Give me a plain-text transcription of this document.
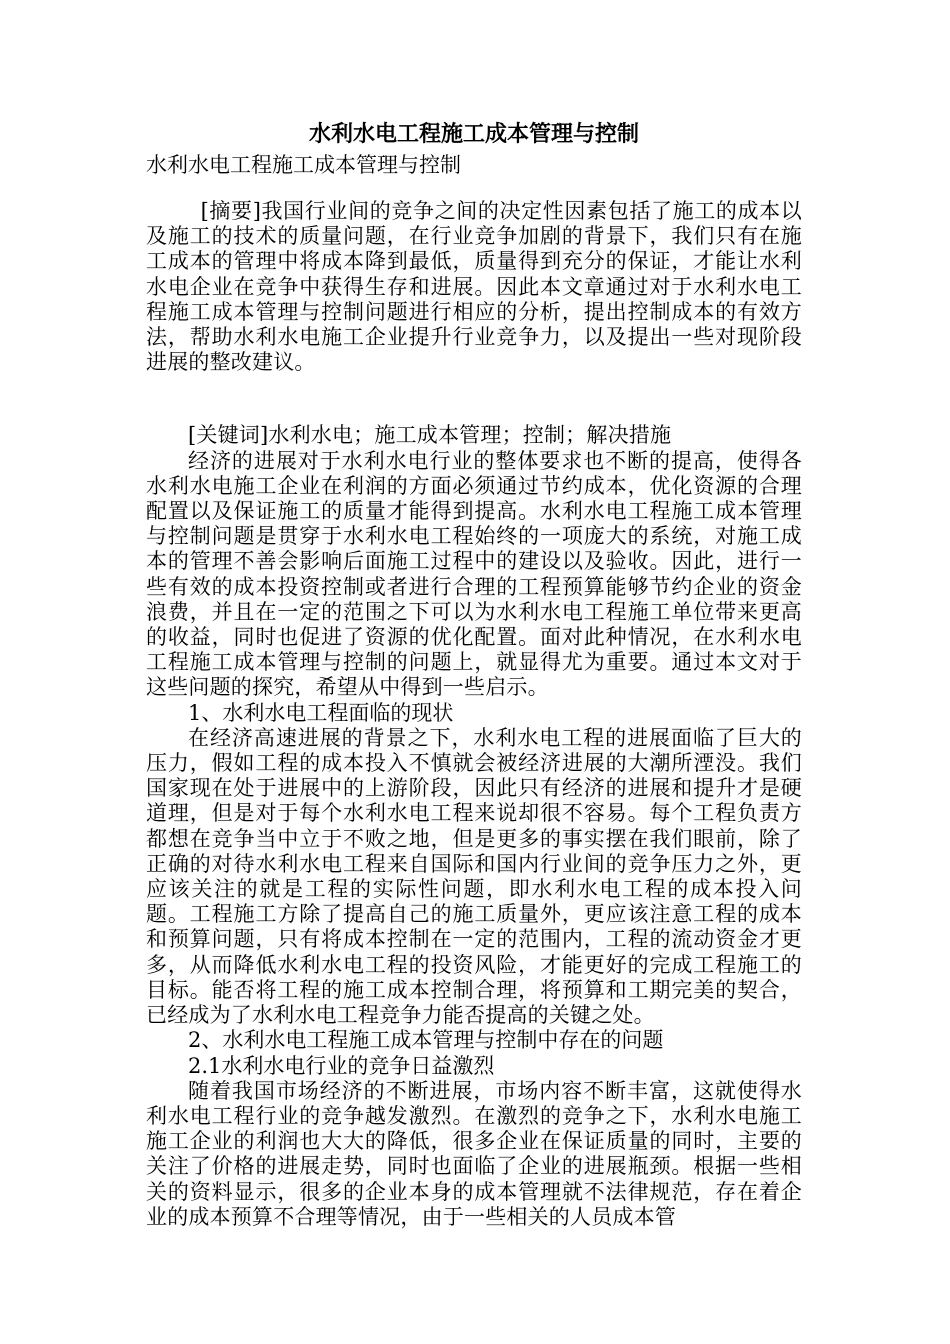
水利水电工程施工成本管理与控制

水利水电工程施工成本管理与控制

[摘要]我国行业间的竞争之间的决定性因素包括了施工的成本以及施工的技术的质量问题，在行业竞争加剧的背景下，我们只有在施工成本的管理中将成本降到最低，质量得到充分的保证，才能让水利水电企业在竞争中获得生存和进展。因此本文章通过对于水利水电工程施工成本管理与控制问题进行相应的分析，提出控制成本的有效方法，帮助水利水电施工企业提升行业竞争力，以及提出一些对现阶段进展的整改建议。

[关键词]水利水电；施工成本管理；控制；解决措施

经济的进展对于水利水电行业的整体要求也不断的提高，使得各水利水电施工企业在利润的方面必须通过节约成本，优化资源的合理配置以及保证施工的质量才能得到提高。水利水电工程施工成本管理与控制问题是贯穿于水利水电工程始终的一项庞大的系统，对施工成本的管理不善会影响后面施工过程中的建设以及验收。因此，进行一些有效的成本投资控制或者进行合理的工程预算能够节约企业的资金浪费，并且在一定的范围之下可以为水利水电工程施工单位带来更高的收益，同时也促进了资源的优化配置。面对此种情况，在水利水电工程施工成本管理与控制的问题上，就显得尤为重要。通过本文对于这些问题的探究，希望从中得到一些启示。

1、水利水电工程面临的现状

在经济高速进展的背景之下，水利水电工程的进展面临了巨大的压力，假如工程的成本投入不慎就会被经济进展的大潮所湮没。我们国家现在处于进展中的上游阶段，因此只有经济的进展和提升才是硬道理，但是对于每个水利水电工程来说却很不容易。每个工程负责方都想在竞争当中立于不败之地，但是更多的事实摆在我们眼前，除了正确的对待水利水电工程来自国际和国内行业间的竞争压力之外，更应该关注的就是工程的实际性问题，即水利水电工程的成本投入问题。工程施工方除了提高自己的施工质量外，更应该注意工程的成本和预算问题，只有将成本控制在一定的范围内，工程的流动资金才更多，从而降低水利水电工程的投资风险，才能更好的完成工程施工的目标。能否将工程的施工成本控制合理，将预算和工期完美的契合，已经成为了水利水电工程竞争力能否提高的关键之处。

2、水利水电工程施工成本管理与控制中存在的问题

2.1水利水电行业的竞争日益激烈

随着我国市场经济的不断进展，市场内容不断丰富，这就使得水利水电工程行业的竞争越发激烈。在激烈的竞争之下，水利水电施工施工企业的利润也大大的降低，很多企业在保证质量的同时，主要的关注了价格的进展走势，同时也面临了企业的进展瓶颈。根据一些相关的资料显示，很多的企业本身的成本管理就不法律规范，存在着企业的成本预算不合理等情况，由于一些相关的人员成本管
